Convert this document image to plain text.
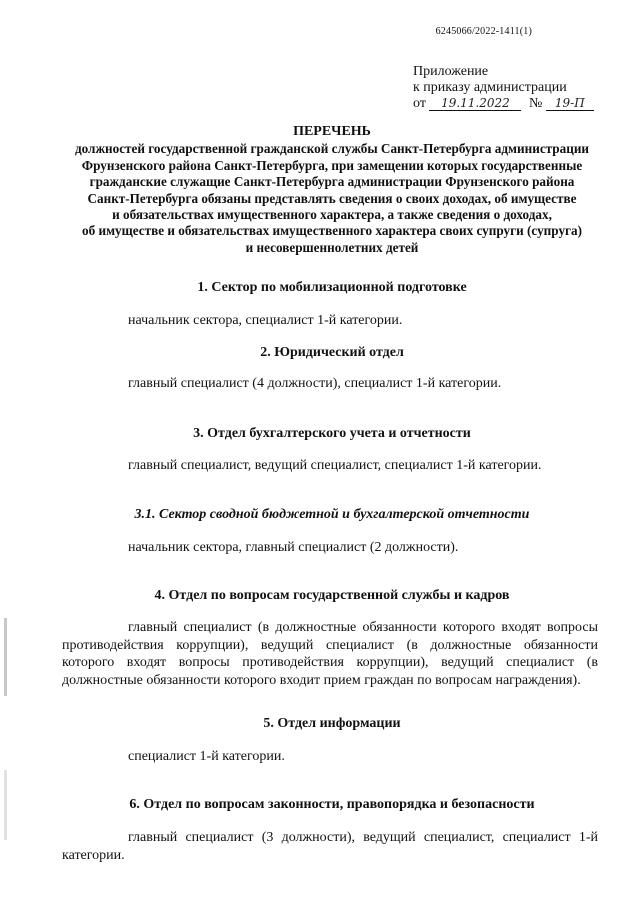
6245066/2022-1411(1)
Приложение
к приказу администрации
от 19.11.2022 № 19-П
ПЕРЕЧЕНЬ
должностей государственной гражданской службы Санкт-Петербурга администрации
Фрунзенского района Санкт-Петербурга, при замещении которых государственные
гражданские служащие Санкт-Петербурга администрации Фрунзенского района
Санкт-Петербурга обязаны представлять сведения о своих доходах, об имуществе
и обязательствах имущественного характера, а также сведения о доходах,
об имуществе и обязательствах имущественного характера своих супруги (супруга)
и несовершеннолетних детей
1. Сектор по мобилизационной подготовке
начальник сектора, специалист 1-й категории.
2. Юридический отдел
главный специалист (4 должности), специалист 1-й категории.
3. Отдел бухгалтерского учета и отчетности
главный специалист, ведущий специалист, специалист 1-й категории.
3.1. Сектор сводной бюджетной и бухгалтерской отчетности
начальник сектора, главный специалист (2 должности).
4. Отдел по вопросам государственной службы и кадров
главный специалист (в должностные обязанности которого входят вопросы противодействия коррупции), ведущий специалист (в должностные обязанности которого входят вопросы противодействия коррупции), ведущий специалист (в должностные обязанности которого входит прием граждан по вопросам награждения).
5. Отдел информации
специалист 1-й категории.
6. Отдел по вопросам законности, правопорядка и безопасности
главный специалист (3 должности), ведущий специалист, специалист 1-й категории.
